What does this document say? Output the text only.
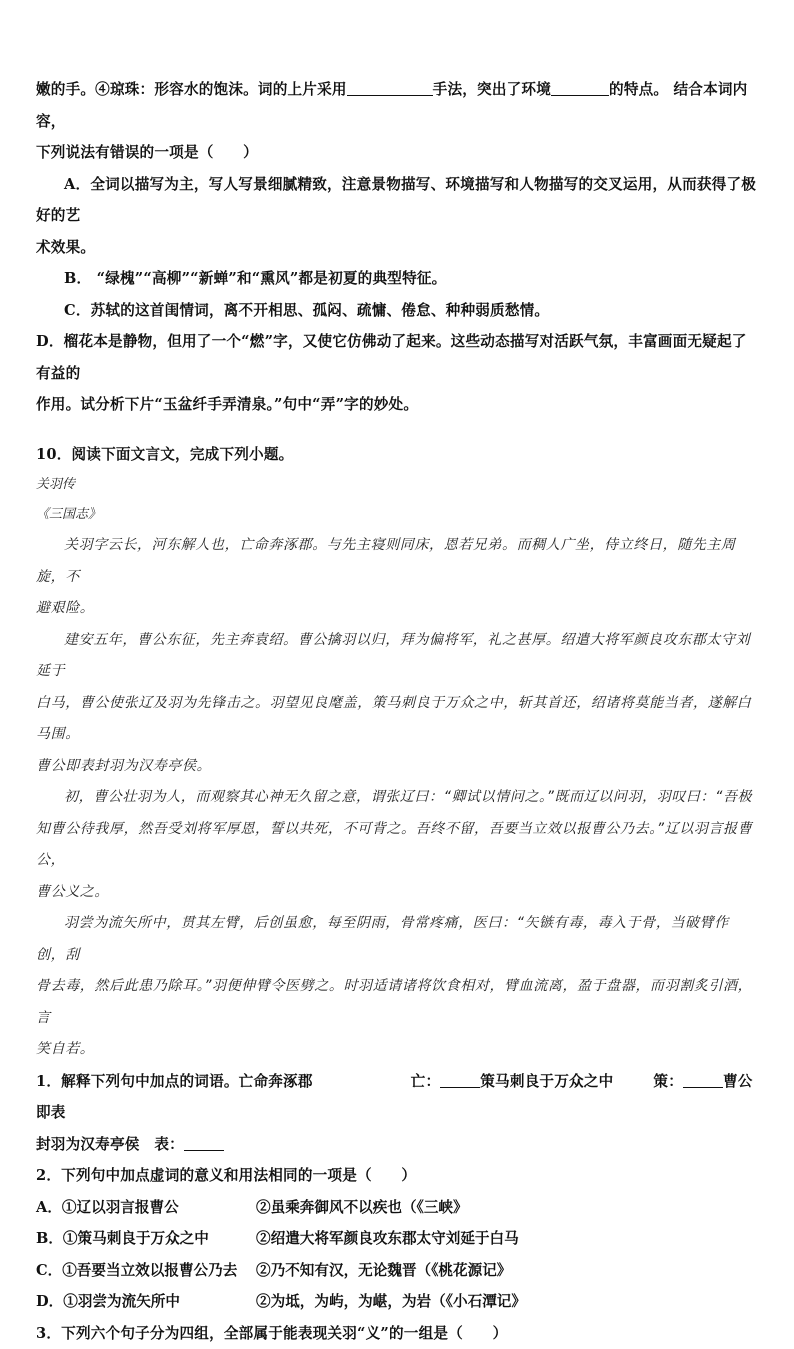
嫩的手。④琼珠：形容水的饱沫。词的上片采用	手法，突出了环境	的特点。 结合本词内容，

下列说法有错误的一项是（　　）

A．全词以描写为主，写人写景细腻精致，注意景物描写、环境描写和人物描写的交叉运用，从而获得了极好的艺

术效果。

B． “绿槐”“高柳”“新蝉”和“熏风”都是初夏的典型特征。

C．苏轼的这首闺情词，离不开相思、孤闷、疏慵、倦怠、种种弱质愁情。

D．榴花本是静物，但用了一个“燃”字，又使它仿佛动了起来。这些动态描写对活跃气氛，丰富画面无疑起了有益的

作用。试分析下片“玉盆纤手弄清泉。”句中“弄”字的妙处。

10．阅读下面文言文，完成下列小题。

关羽传

《三国志》

关羽字云长，河东解人也，亡命奔涿郡。与先主寝则同床，恩若兄弟。而稠人广坐，侍立终日，随先主周旋，不

避艰险。

建安五年，曹公东征，先主奔袁绍。曹公擒羽以归，拜为偏将军，礼之甚厚。绍遣大将军颜良攻东郡太守刘延于

白马，曹公使张辽及羽为先锋击之。羽望见良麾盖，策马刺良于万众之中，斩其首还，绍诸将莫能当者，遂解白马围。

曹公即表封羽为汉寿亭侯。

初，曹公壮羽为人，而观察其心神无久留之意，谓张辽曰：“卿试以情问之。”既而辽以问羽，羽叹曰：“吾极

知曹公待我厚，然吾受刘将军厚恩，誓以共死，不可背之。吾终不留，吾要当立效以报曹公乃去。”辽以羽言报曹公，

曹公义之。

羽尝为流矢所中，贯其左臂，后创虽愈，每至阴雨，骨常疼痛，医曰：“矢镞有毒，毒入于骨，当破臂作创，刮

骨去毒，然后此患乃除耳。”羽便伸臂令医劈之。时羽适请诸将饮食相对，臂血流离，盈于盘器，而羽割炙引酒，言

笑自若。

1．解释下列句中加点的词语。亡命奔涿郡	亡：	策马刺良于万众之中	策：	曹公即表

封羽为汉寿亭侯　表：

2．下列句中加点虚词的意义和用法相同的一项是（　　）

A．①辽以羽言报曹公	②虽乘奔御风不以疾也（《三峡》
B．①策马刺良于万众之中	②绍遣大将军颜良攻东郡太守刘延于白马
C．①吾要当立效以报曹公乃去	②乃不知有汉，无论魏晋（《桃花源记》
D．①羽尝为流矢所中	②为坻，为屿，为嵁，为岩（《小石潭记》

3．下列六个句子分为四组，全部属于能表现关羽“义”的一组是（　　）
